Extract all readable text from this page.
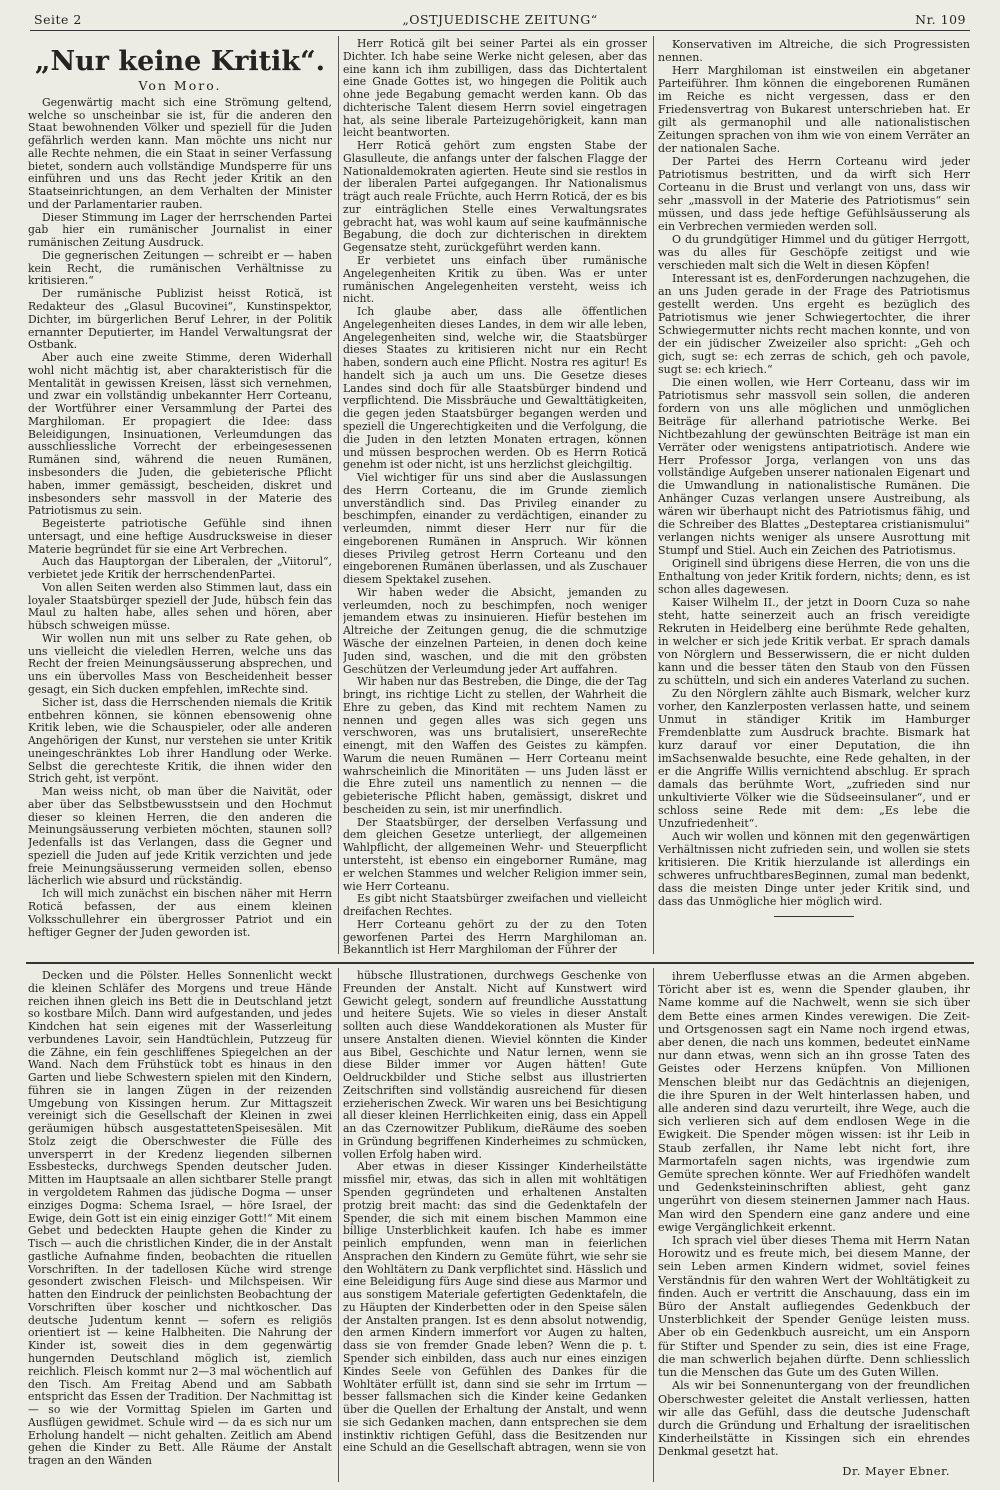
Seite 2	„OSTJUEDISCHE ZEITUNG“	Nr. 109
„Nur keine Kritik“.
Von Moro.

Gegenwärtig macht sich eine Strömung geltend, welche so unscheinbar sie ist, für die anderen den Staat bewohnenden Völker und speziell für die Juden gefährlich werden kann. Man möchte uns nicht nur alle Rechte nehmen, die ein Staat in seiner Verfassung bietet, sondern auch vollständige Mundsperre für uns einführen und uns das Recht jeder Kritik an den Staatseinrichtungen, an dem Verhalten der Minister und der Parlamentarier rauben.

Dieser Stimmung im Lager der herrschenden Partei gab hier ein rumänischer Journalist in einer rumänischen Zeitung Ausdruck.

Die gegnerischen Zeitungen — schreibt er — haben kein Recht, die rumänischen Verhältnisse zu kritisieren.“

Der rumänische Publizist heisst Rotică, ist Redakteur des „Glasul Bucovinei“, Kunstinspektor, Dichter, im bürgerlichen Beruf Lehrer, in der Politik ernannter Deputierter, im Handel Verwaltungsrat der Ostbank.

Aber auch eine zweite Stimme, deren Widerhall wohl nicht mächtig ist, aber charakteristisch für die Mentalität in gewissen Kreisen, lässt sich vernehmen, und zwar ein vollständig unbekannter Herr Corteanu, der Wortführer einer Versammlung der Partei des Marghiloman. Er propagiert die Idee: dass Beleidigungen, Insinuationen, Verleumdungen das ausschliessliche Vorrecht der erbeingesessenen Rumänen sind, während die neuen Rumänen, insbesonders die Juden, die gebieterische Pflicht haben, immer gemässigt, bescheiden, diskret und insbesonders sehr massvoll in der Materie des Patriotismus zu sein.

Begeisterte patriotische Gefühle sind ihnen untersagt, und eine heftige Ausdrucksweise in dieser Materie begründet für sie eine Art Verbrechen.

Auch das Hauptorgan der Liberalen, der „Viitorul“, verbietet jede Kritik der herrschendenPartei.

Von allen Seiten werden also Stimmen laut, dass ein loyaler Staatsbürger speziell der Jude, hübsch fein das Maul zu halten habe, alles sehen und hören, aber hübsch schweigen müsse.

Wir wollen nun mit uns selber zu Rate gehen, ob uns vielleicht die vieledlen Herren, welche uns das Recht der freien Meinungsäusserung absprechen, und uns ein übervolles Mass von Bescheidenheit besser gesagt, ein Sich ducken empfehlen, imRechte sind.

Sicher ist, dass die Herrschenden niemals die Kritik entbehren können, sie können ebensowenig ohne Kritik leben, wie die Schauspieler, oder alle anderen Angehörigen der Kunst, nur verstehen sie unter Kritik uneingeschränktes Lob ihrer Handlung oder Werke. Selbst die gerechteste Kritik, die ihnen wider den Strich geht, ist verpönt.

Man weiss nicht, ob man über die Naivität, oder aber über das Selbstbewusstsein und den Hochmut dieser so kleinen Herren, die den anderen die Meinungsäusserung verbieten möchten, staunen soll? Jedenfalls ist das Verlangen, dass die Gegner und speziell die Juden auf jede Kritik verzichten und jede freie Meinungsäusserung vermeiden sollen, ebenso lächerlich wie absurd und rückständig.

Ich will mich zunächst ein bischen näher mit Herrn Rotică befassen, der aus einem kleinen Volksschullehrer ein übergrosser Patriot und ein heftiger Gegner der Juden geworden ist.

Herr Rotică gilt bei seiner Partei als ein grosser Dichter. Ich habe seine Werke nicht gelesen, aber das eine kann ich ihm zubilligen, dass das Dichtertalent eine Gnade Gottes ist, wo hingegen die Politik auch ohne jede Begabung gemacht werden kann. Ob das dichterische Talent diesem Herrn soviel eingetragen hat, als seine liberale Parteizugehörigkeit, kann man leicht beantworten.

Herr Rotică gehört zum engsten Stabe der Glasulleute, die anfangs unter der falschen Flagge der Nationaldemokraten agierten. Heute sind sie restlos in der liberalen Partei aufgegangen. Ihr Nationalismus trägt auch reale Früchte, auch Herrn Rotică, der es bis zur einträglichen Stelle eines Verwaltungsrates gebracht hat, was wohl kaum auf seine kaufmännische Begabung, die doch zur dichterischen in direktem Gegensatze steht, zurückgeführt werden kann.

Er verbietet uns einfach über rumänische Angelegenheiten Kritik zu üben. Was er unter rumänischen Angelegenheiten versteht, weiss ich nicht.

Ich glaube aber, dass alle öffentlichen Angelegenheiten dieses Landes, in dem wir alle leben, Angelegenheiten sind, welche wir, die Staatsbürger dieses Staates zu kritisieren nicht nur ein Recht haben, sondern auch eine Pflicht. Nostra res agitur! Es handelt sich ja auch um uns. Die Gesetze dieses Landes sind doch für alle Staatsbürger bindend und verpflichtend. Die Missbräuche und Gewalttätigkeiten, die gegen jeden Staatsbürger begangen werden und speziell die Ungerechtigkeiten und die Verfolgung, die die Juden in den letzten Monaten ertragen, können und müssen besprochen werden. Ob es Herrn Rotică genehm ist oder nicht, ist uns herzlichst gleichgiltig.

Viel wichtiger für uns sind aber die Auslassungen des Herrn Corteanu, die im Grunde ziemlich unverständlich sind. Das Privileg einander zu beschimpfen, einander zu verdächtigen, einander zu verleumden, nimmt dieser Herr nur für die eingeborenen Rumänen in Anspruch. Wir können dieses Privileg getrost Herrn Corteanu und den eingeborenen Rumänen überlassen, und als Zuschauer diesem Spektakel zusehen.

Wir haben weder die Absicht, jemanden zu verleumden, noch zu beschimpfen, noch weniger jemandem etwas zu insinuieren. Hiefür bestehen im Altreiche der Zeitungen genug, die die schmutzige Wäsche der einzelnen Parteien, in denen doch keine Juden sind, waschen, und die mit den gröbsten Geschützen der Verleumdung jeder Art auffahren.

Wir haben nur das Bestreben, die Dinge, die der Tag bringt, ins richtige Licht zu stellen, der Wahrheit die Ehre zu geben, das Kind mit rechtem Namen zu nennen und gegen alles was sich gegen uns verschworen, was uns brutalisiert, unsereRechte einengt, mit den Waffen des Geistes zu kämpfen. Warum die neuen Rumänen — Herr Corteanu meint wahrscheinlich die Minoritäten — uns Juden lässt er die Ehre zuteil uns namentlich zu nennen — die gebieterische Pflicht haben, gemässigt, diskret und bescheiden zu sein, ist mir unerfindlich.

Der Staatsbürger, der derselben Verfassung und dem gleichen Gesetze unterliegt, der allgemeinen Wahlpflicht, der allgemeinen Wehr- und Steuerpflicht untersteht, ist ebenso ein eingeborner Rumäne, mag er welchen Stammes und welcher Religion immer sein, wie Herr Corteanu.

Es gibt nicht Staatsbürger zweifachen und vielleicht dreifachen Rechtes.

Herr Corteanu gehört zu der zu den Toten geworfenen Partei des Herrn Marghiloman an. Bekanntlich ist Herr Marghiloman der Führer der

Konservativen im Altreiche, die sich Progressisten nennen.

Herr Marghiloman ist einstweilen ein abgetaner Parteiführer. Ihm können die eingeborenen Rumänen im Reiche es nicht vergessen, dass er den Friedensvertrag von Bukarest unterschrieben hat. Er gilt als germanophil und alle nationalistischen Zeitungen sprachen von ihm wie von einem Verräter an der nationalen Sache.

Der Partei des Herrn Corteanu wird jeder Patriotismus bestritten, und da wirft sich Herr Corteanu in die Brust und verlangt von uns, dass wir sehr „massvoll in der Materie des Patriotismus“ sein müssen, und dass jede heftige Gefühlsäusserung als ein Verbrechen vermieden werden soll.

O du grundgütiger Himmel und du gütiger Herrgott, was du alles für Geschöpfe zeitigst und wie verschieden malt sich die Welt in diesen Köpfen!

Interessant ist es, denForderungen nachzugehen, die an uns Juden gerade in der Frage des Patriotismus gestellt werden. Uns ergeht es bezüglich des Patriotismus wie jener Schwiegertochter, die ihrer Schwiegermutter nichts recht machen konnte, und von der ein jüdischer Zweizeiler also spricht: „Geh och gich, sugt se: ech zerras de schich, geh och pavole, sugt se: ech kriech.“

Die einen wollen, wie Herr Corteanu, dass wir im Patriotismus sehr massvoll sein sollen, die anderen fordern von uns alle möglichen und unmöglichen Beiträge für allerhand patriotische Werke. Bei Nichtbezahlung der gewünschten Beiträge ist man ein Verräter oder wenigstens antipatriotisch. Andere wie Herr Professor Jorga, verlangen von uns das vollständige Aufgeben unserer nationalen Eigenart und die Umwandlung in nationalistische Rumänen. Die Anhänger Cuzas verlangen unsere Austreibung, als wären wir überhaupt nicht des Patriotismus fähig, und die Schreiber des Blattes „Desteptarea cristianismului“ verlangen nichts weniger als unsere Ausrottung mit Stumpf und Stiel. Auch ein Zeichen des Patriotismus.

Originell sind übrigens diese Herren, die von uns die Enthaltung von jeder Kritik fordern, nichts; denn, es ist schon alles dagewesen.

Kaiser Wilhelm II., der jetzt in Doorn Cuza so nahe steht, hatte seinerzeit auch an frisch vereidigte Rekruten in Heidelberg eine berühmte Rede gehalten, in welcher er sich jede Kritik verbat. Er sprach damals von Nörglern und Besserwissern, die er nicht dulden kann und die besser täten den Staub von den Füssen zu schütteln, und sich ein anderes Vaterland zu suchen.

Zu den Nörglern zählte auch Bismark, welcher kurz vorher, den Kanzlerposten verlassen hatte, und seinem Unmut in ständiger Kritik im Hamburger Fremdenblatte zum Ausdruck brachte. Bismark hat kurz darauf vor einer Deputation, die ihn imSachsenwalde besuchte, eine Rede gehalten, in der er die Angriffe Willis vernichtend abschlug. Er sprach damals das berühmte Wort, „zufrieden sind nur unkultivierte Völker wie die Südseeinsulaner“, und er schloss seine Rede mit dem: „Es lebe die Unzufriedenheit“.

Auch wir wollen und können mit den gegenwärtigen Verhältnissen nicht zufrieden sein, und wollen sie stets kritisieren. Die Kritik hierzulande ist allerdings ein schweres unfruchtbaresBeginnen, zumal man bedenkt, dass die meisten Dinge unter jeder Kritik sind, und dass das Unmögliche hier möglich wird.

Decken und die Pölster. Helles Sonnenlicht weckt die kleinen Schläfer des Morgens und treue Hände reichen ihnen gleich ins Bett die in Deutschland jetzt so kostbare Milch. Dann wird aufgestanden, und jedes Kindchen hat sein eigenes mit der Wasserleitung verbundenes Lavoir, sein Handtüchlein, Putzzeug für die Zähne, ein fein geschliffenes Spiegelchen an der Wand. Nach dem Frühstück tobt es hinaus in den Garten und liebe Schwestern spielen mit den Kindern, führen sie in langen Zügen in der reizenden Umgebung von Kissingen herum. Zur Mittagszeit vereinigt sich die Gesellschaft der Kleinen in zwei geräumigen hübsch ausgestattetenSpeisesälen. Mit Stolz zeigt die Oberschwester die Fülle des unversperrt in der Kredenz liegenden silbernen Essbestecks, durchwegs Spenden deutscher Juden. Mitten im Hauptsaale an allen sichtbarer Stelle prangt in vergoldetem Rahmen das jüdische Dogma — unser einziges Dogma: Schema Israel, — höre Israel, der Ewige, dein Gott ist ein einig einziger Gott!“ Mit einem Gebet und bedeckten Haupte gehen die Kinder zu Tisch — auch die christlichen Kinder, die in der Anstalt gastliche Aufnahme finden, beobachten die rituellen Vorschriften. In der tadellosen Küche wird strenge gesondert zwischen Fleisch- und Milchspeisen. Wir hatten den Eindruck der peinlichsten Beobachtung der Vorschriften über koscher und nichtkoscher. Das deutsche Judentum kennt — sofern es religiös orientiert ist — keine Halbheiten. Die Nahrung der Kinder ist, soweit dies in dem gegenwärtig hungernden Deutschland möglich ist, ziemlich reichlich. Fleisch kommt nur 2—3 mal wöchentlich auf den Tisch. Am Freitag Abend und am Sabbath entspricht das Essen der Tradition. Der Nachmittag ist — so wie der Vormittag Spielen im Garten und Ausflügen gewidmet. Schule wird — da es sich nur um Erholung handelt — nicht gehalten. Zeitlich am Abend gehen die Kinder zu Bett. Alle Räume der Anstalt tragen an den Wänden

hübsche Illustrationen, durchwegs Geschenke von Freunden der Anstalt. Nicht auf Kunstwert wird Gewicht gelegt, sondern auf freundliche Ausstattung und heitere Sujets. Wie so vieles in dieser Anstalt sollten auch diese Wanddekorationen als Muster für unsere Anstalten dienen. Wieviel könnten die Kinder aus Bibel, Geschichte und Natur lernen, wenn sie diese Bilder immer vor Augen hätten! Gute Oeldruckbilder und Stiche selbst aus illustrierten Zeitschriften sind vollständig ausreichend für diesen erzieherischen Zweck. Wir waren uns bei Besichtigung all dieser kleinen Herrlichkeiten einig, dass ein Appell an das Czernowitzer Publikum, dieRäume des soeben in Gründung begriffenen Kinderheimes zu schmücken, vollen Erfolg haben wird.

Aber etwas in dieser Kissinger Kinderheilstätte missfiel mir, etwas, das sich in allen mit wohltätigen Spenden gegründeten und erhaltenen Anstalten protzig breit macht: das sind die Gedenktafeln der Spender, die sich mit einem bischen Mammon eine billige Unsterblichkeit kaufen. Ich habe es immer peinlich empfunden, wenn man in feierlichen Ansprachen den Kindern zu Gemüte führt, wie sehr sie den Wohltätern zu Dank verpflichtet sind. Hässlich und eine Beleidigung fürs Auge sind diese aus Marmor und aus sonstigem Materiale gefertigten Gedenktafeln, die zu Häupten der Kinderbetten oder in den Speise sälen der Anstalten prangen. Ist es denn absolut notwendig, den armen Kindern immerfort vor Augen zu halten, dass sie von fremder Gnade leben? Wenn die p. t. Spender sich einbilden, dass auch nur eines einzigen Kindes Seele von Gefühlen des Dankes für die Wohltäter erfüllt ist, dann sind sie sehr im Irrtum — besser fallsmachen sich die Kinder keine Gedanken über die Quellen der Erhaltung der Anstalt, und wenn sie sich Gedanken machen, dann entsprechen sie dem instinktiv richtigen Gefühl, dass die Besitzenden nur eine Schuld an die Gesellschaft abtragen, wenn sie von

ihrem Ueberflusse etwas an die Armen abgeben. Töricht aber ist es, wenn die Spender glauben, ihr Name komme auf die Nachwelt, wenn sie sich über dem Bette eines armen Kindes verewigen. Die Zeit- und Ortsgenossen sagt ein Name noch irgend etwas, aber denen, die nach uns kommen, bedeutet einName nur dann etwas, wenn sich an ihn grosse Taten des Geistes oder Herzens knüpfen. Von Millionen Menschen bleibt nur das Gedächtnis an diejenigen, die ihre Spuren in der Welt hinterlassen haben, und alle anderen sind dazu verurteilt, ihre Wege, auch die sich verlieren sich auf dem endlosen Wege in die Ewigkeit. Die Spender mögen wissen: ist ihr Leib in Staub zerfallen, ihr Name lebt nicht fort, ihre Marmortafeln sagen nichts, was irgendwie zum Gemüte sprechen könnte. Wer auf Friedhöfen wandelt und Gedenksteininschriften abliest, geht ganz ungerührt von diesem steinernen Jammer nach Haus. Man wird den Spendern eine ganz andere und eine ewige Vergänglichkeit erkennt.

Ich sprach viel über dieses Thema mit Herrn Natan Horowitz und es freute mich, bei diesem Manne, der sein Leben armen Kindern widmet, soviel feines Verständnis für den wahren Wert der Wohltätigkeit zu finden. Auch er vertritt die Anschauung, dass ein im Büro der Anstalt aufliegendes Gedenkbuch der Unsterblichkeit der Spender Genüge leisten muss. Aber ob ein Gedenkbuch ausreicht, um ein Ansporn für Stifter und Spender zu sein, dies ist eine Frage, die man schwerlich bejahen dürfte. Denn schliesslich tun die Menschen das Gute um des Guten Willen.

Als wir bei Sonnenuntergang von der freundlichen Oberschwester geleitet die Anstalt verliessen, hatten wir alle das Gefühl, dass die deutsche Judenschaft durch die Gründung und Erhaltung der israelitischen Kinderheilstätte in Kissingen sich ein ehrendes Denkmal gesetzt hat.

Dr. Mayer Ebner.
